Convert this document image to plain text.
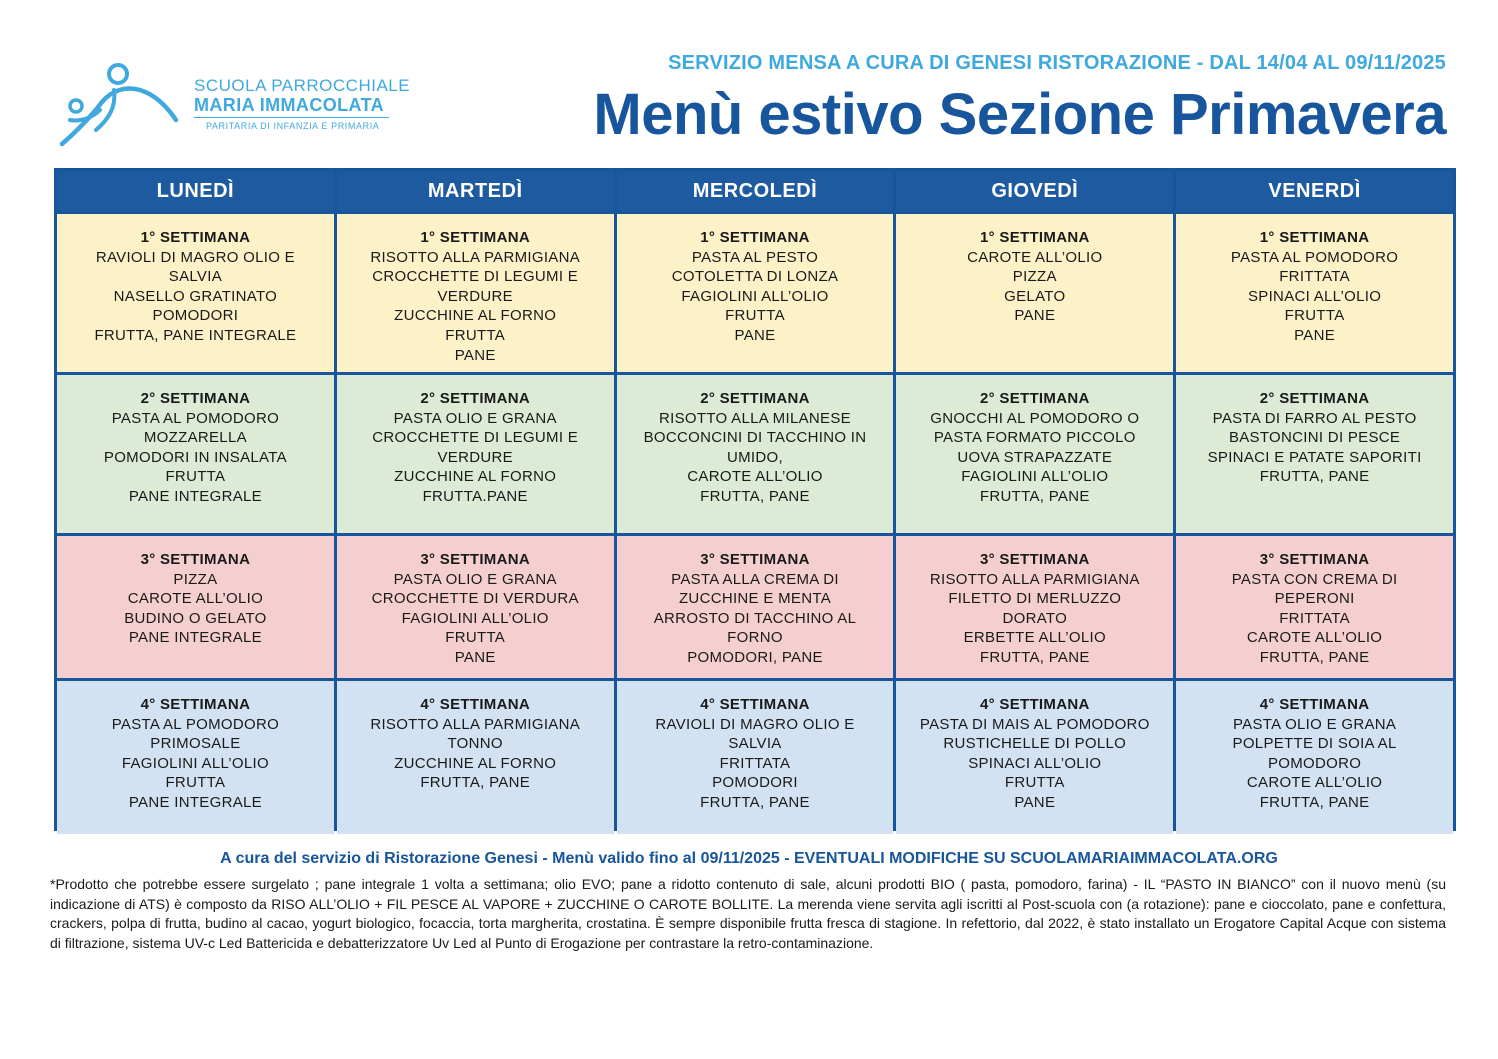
SCUOLA PARROCCHIALE
MARIA IMMACOLATA
PARITARIA DI INFANZIA E PRIMARIA
SERVIZIO MENSA A CURA DI GENESI RISTORAZIONE - DAL 14/04 AL 09/11/2025
Menù estivo Sezione Primavera
LUNEDÌ	MARTEDÌ	MERCOLEDÌ	GIOVEDÌ	VENERDÌ
1° SETTIMANA
RAVIOLI DI MAGRO OLIO E
SALVIA
NASELLO GRATINATO
POMODORI
FRUTTA, PANE INTEGRALE
1° SETTIMANA
RISOTTO ALLA PARMIGIANA
CROCCHETTE DI LEGUMI E
VERDURE
ZUCCHINE AL FORNO
FRUTTA
PANE
1° SETTIMANA
PASTA AL PESTO
COTOLETTA DI LONZA
FAGIOLINI ALL’OLIO
FRUTTA
PANE
1° SETTIMANA
CAROTE ALL’OLIO
PIZZA
GELATO
PANE
1° SETTIMANA
PASTA AL POMODORO
FRITTATA
SPINACI ALL’OLIO
FRUTTA
PANE
2° SETTIMANA
PASTA AL POMODORO
MOZZARELLA
POMODORI IN INSALATA
FRUTTA
PANE INTEGRALE
2° SETTIMANA
PASTA OLIO E GRANA
CROCCHETTE DI LEGUMI E
VERDURE
ZUCCHINE AL FORNO
FRUTTA.PANE
2° SETTIMANA
RISOTTO ALLA MILANESE
BOCCONCINI DI TACCHINO IN
UMIDO,
CAROTE ALL’OLIO
FRUTTA, PANE
2° SETTIMANA
GNOCCHI AL POMODORO O
PASTA FORMATO PICCOLO
UOVA STRAPAZZATE
FAGIOLINI ALL’OLIO
FRUTTA, PANE
2° SETTIMANA
PASTA DI FARRO AL PESTO
BASTONCINI DI PESCE
SPINACI E PATATE SAPORITI
FRUTTA, PANE
3° SETTIMANA
PIZZA
CAROTE ALL’OLIO
BUDINO O GELATO
PANE INTEGRALE
3° SETTIMANA
PASTA OLIO E GRANA
CROCCHETTE DI VERDURA
FAGIOLINI ALL’OLIO
FRUTTA
PANE
3° SETTIMANA
PASTA ALLA CREMA DI
ZUCCHINE E MENTA
ARROSTO DI TACCHINO AL
FORNO
POMODORI, PANE
3° SETTIMANA
RISOTTO ALLA PARMIGIANA
FILETTO DI MERLUZZO
DORATO
ERBETTE ALL’OLIO
FRUTTA, PANE
3° SETTIMANA
PASTA CON CREMA DI
PEPERONI
FRITTATA
CAROTE ALL’OLIO
FRUTTA, PANE
4° SETTIMANA
PASTA AL POMODORO
PRIMOSALE
FAGIOLINI ALL’OLIO
FRUTTA
PANE INTEGRALE
4° SETTIMANA
RISOTTO ALLA PARMIGIANA
TONNO
ZUCCHINE AL FORNO
FRUTTA, PANE
4° SETTIMANA
RAVIOLI DI MAGRO OLIO E
SALVIA
FRITTATA
POMODORI
FRUTTA, PANE
4° SETTIMANA
PASTA DI MAIS AL POMODORO
RUSTICHELLE DI POLLO
SPINACI ALL’OLIO
FRUTTA
PANE
4° SETTIMANA
PASTA OLIO E GRANA
POLPETTE DI SOIA AL
POMODORO
CAROTE ALL’OLIO
FRUTTA, PANE
A cura del servizio di Ristorazione Genesi - Menù valido fino al 09/11/2025 - EVENTUALI MODIFICHE SU SCUOLAMARIAIMMACOLATA.ORG
*Prodotto che potrebbe essere surgelato ; pane integrale 1 volta a settimana; olio EVO; pane a ridotto contenuto di sale, alcuni prodotti BIO ( pasta, pomodoro, farina) - IL “PASTO IN BIANCO” con il nuovo menù (su indicazione di ATS) è composto da RISO ALL’OLIO + FIL PESCE AL VAPORE + ZUCCHINE O CAROTE BOLLITE. La merenda viene servita agli iscritti al Post-scuola con (a rotazione): pane e cioccolato, pane e confettura, crackers, polpa di frutta, budino al cacao, yogurt biologico, focaccia, torta margherita, crostatina. È sempre disponibile frutta fresca di stagione. In refettorio, dal 2022, è stato installato un Erogatore Capital Acque con sistema di filtrazione, sistema UV-c Led Battericida e debatterizzatore Uv Led al Punto di Erogazione per contrastare la retro-contaminazione.
